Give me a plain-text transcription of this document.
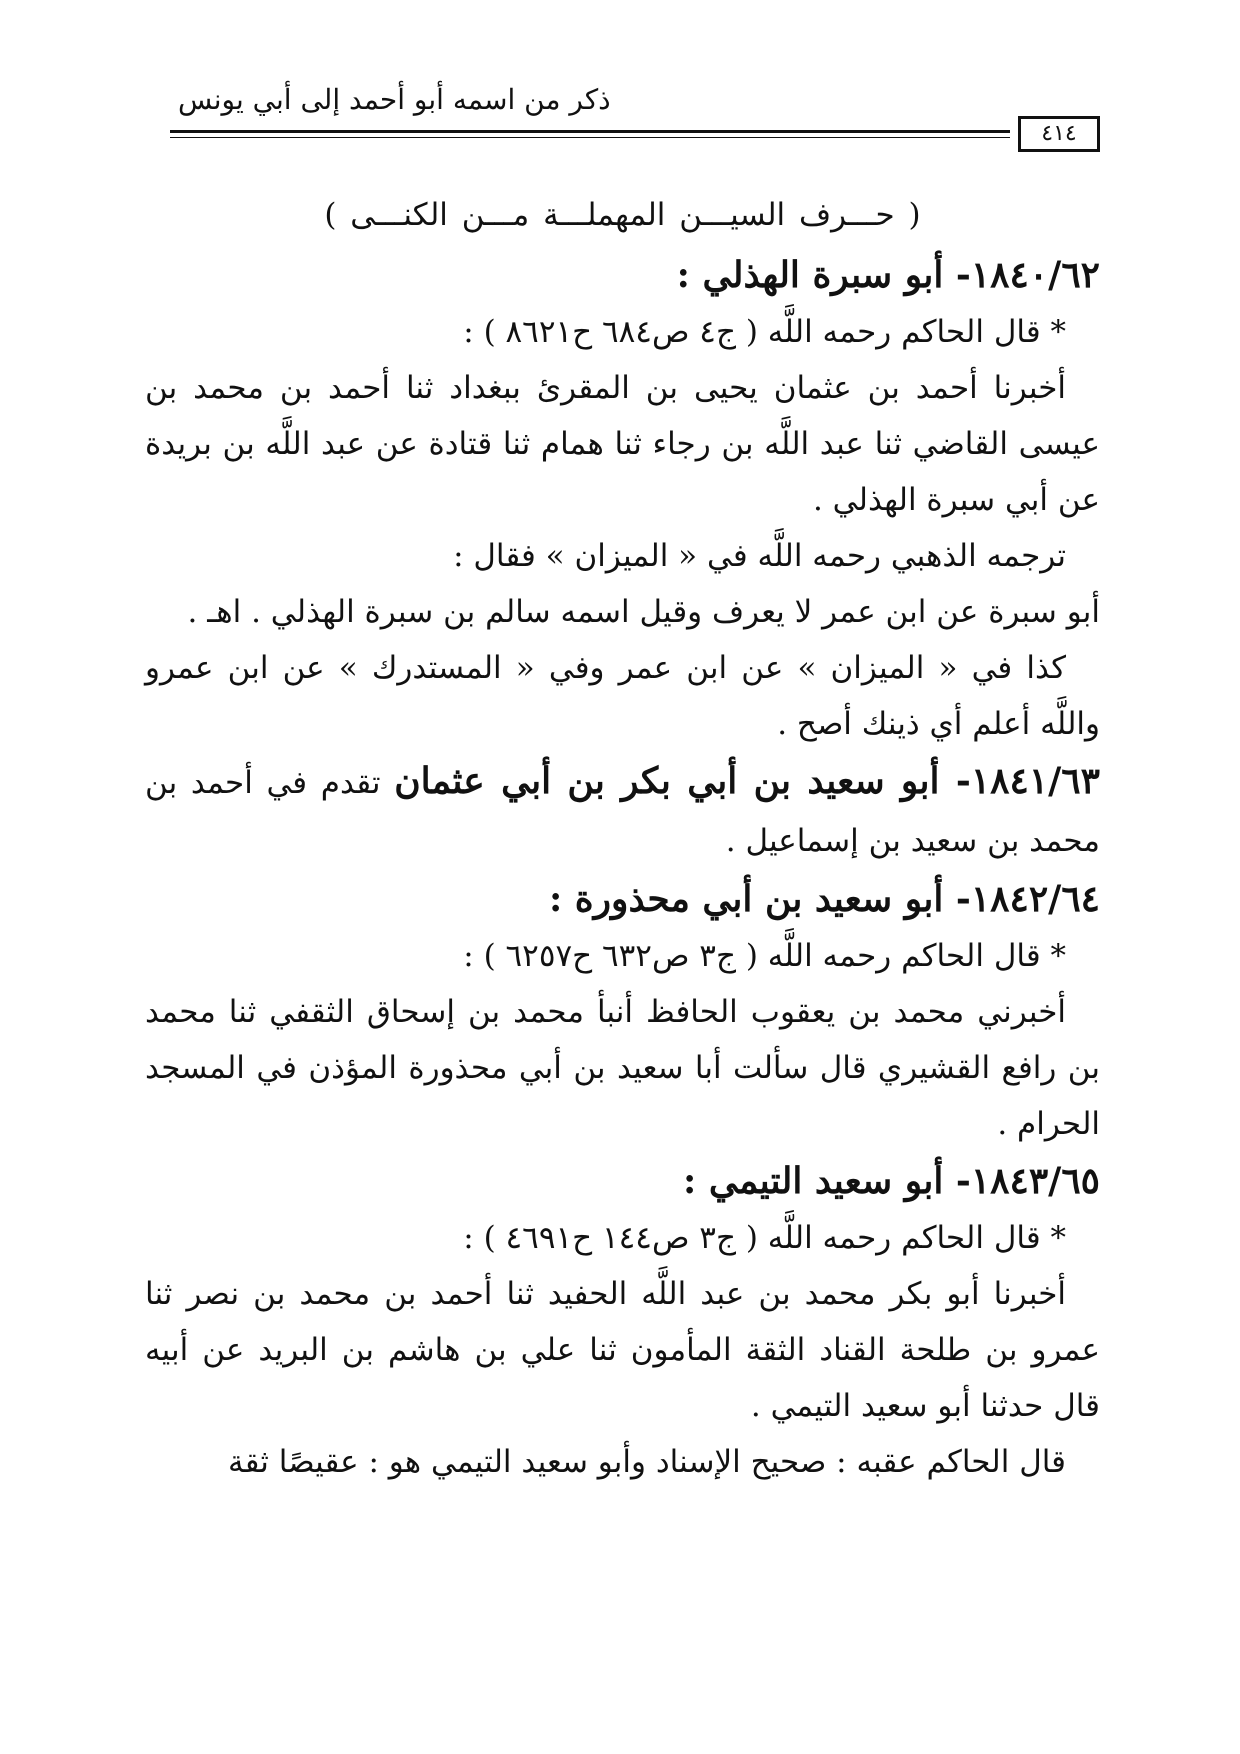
ذكر من اسمه أبو أحمد إلى أبي يونس
٤١٤

( حـــرف السيـــن المهملـــة مـــن الكنـــى )

١٨٤٠/٦٢- أبو سبرة الهذلي :

* قال الحاكم رحمه اللَّه ( ج٤ ص٦٨٤ ح٨٦٢١ ) :

أخبرنا أحمد بن عثمان يحيى بن المقرئ ببغداد ثنا أحمد بن محمد بن عيسى القاضي ثنا عبد اللَّه بن رجاء ثنا همام ثنا قتادة عن عبد اللَّه بن بريدة عن أبي سبرة الهذلي .

ترجمه الذهبي رحمه اللَّه في « الميزان » فقال :

أبو سبرة عن ابن عمر لا يعرف وقيل اسمه سالم بن سبرة الهذلي . اهـ .

كذا في « الميزان » عن ابن عمر وفي « المستدرك » عن ابن عمرو واللَّه أعلم أي ذينك أصح .

١٨٤١/٦٣- أبو سعيد بن أبي بكر بن أبي عثمان تقدم في أحمد بن محمد بن سعيد بن إسماعيل .

١٨٤٢/٦٤- أبو سعيد بن أبي محذورة :

* قال الحاكم رحمه اللَّه ( ج٣ ص٦٣٢ ح٦٢٥٧ ) :

أخبرني محمد بن يعقوب الحافظ أنبأ محمد بن إسحاق الثقفي ثنا محمد بن رافع القشيري قال سألت أبا سعيد بن أبي محذورة المؤذن في المسجد الحرام .

١٨٤٣/٦٥- أبو سعيد التيمي :

* قال الحاكم رحمه اللَّه ( ج٣ ص١٤٤ ح٤٦٩١ ) :

أخبرنا أبو بكر محمد بن عبد اللَّه الحفيد ثنا أحمد بن محمد بن نصر ثنا عمرو بن طلحة القناد الثقة المأمون ثنا علي بن هاشم بن البريد عن أبيه قال حدثنا أبو سعيد التيمي .

قال الحاكم عقبه : صحيح الإسناد وأبو سعيد التيمي هو : عقيصًا ثقة
